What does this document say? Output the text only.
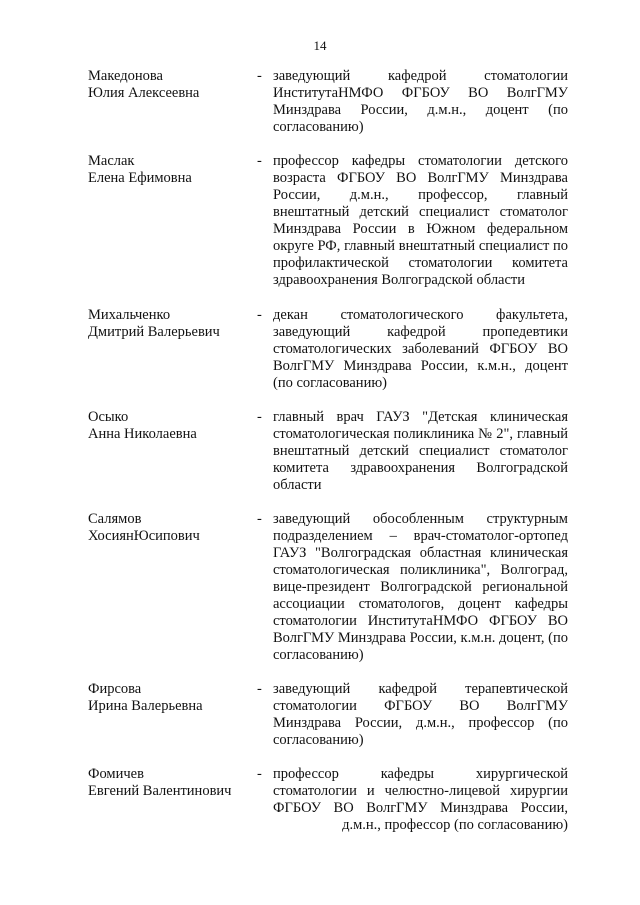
14
Македонова
Юлия Алексеевна
- заведующий кафедрой стоматологии ИнститутаНМФО ФГБОУ ВО ВолгГМУ Минздрава России, д.м.н., доцент (по согласованию)
Маслак
Елена Ефимовна
- профессор кафедры стоматологии детского возраста ФГБОУ ВО ВолгГМУ Минздрава России, д.м.н., профессор, главный внештатный детский специалист стоматолог Минздрава России в Южном федеральном округе РФ, главный внештатный специалист по профилактической стоматологии комитета здравоохранения Волгоградской области
Михальченко
Дмитрий Валерьевич
- декан стоматологического факультета, заведующий кафедрой пропедевтики стоматологических заболеваний ФГБОУ ВО ВолгГМУ Минздрава России, к.м.н., доцент (по согласованию)
Осыко
Анна Николаевна
- главный врач ГАУЗ "Детская клиническая стоматологическая поликлиника № 2", главный внештатный детский специалист стоматолог комитета здравоохранения Волгоградской области
Салямов
ХосиянЮсипович
- заведующий обособленным структурным подразделением – врач-стоматолог-ортопед ГАУЗ "Волгоградская областная клиническая стоматологическая поликлиника", Волгоград, вице-президент Волгоградской региональной ассоциации стоматологов, доцент кафедры стоматологии ИнститутаНМФО ФГБОУ ВО ВолгГМУ Минздрава России, к.м.н. доцент, (по согласованию)
Фирсова
Ирина Валерьевна
- заведующий кафедрой терапевтической стоматологии ФГБОУ ВО ВолгГМУ Минздрава России, д.м.н., профессор (по согласованию)
Фомичев
Евгений Валентинович
- профессор кафедры хирургической стоматологии и челюстно-лицевой хирургии ФГБОУ ВО ВолгГМУ Минздрава России, д.м.н., профессор (по согласованию)
